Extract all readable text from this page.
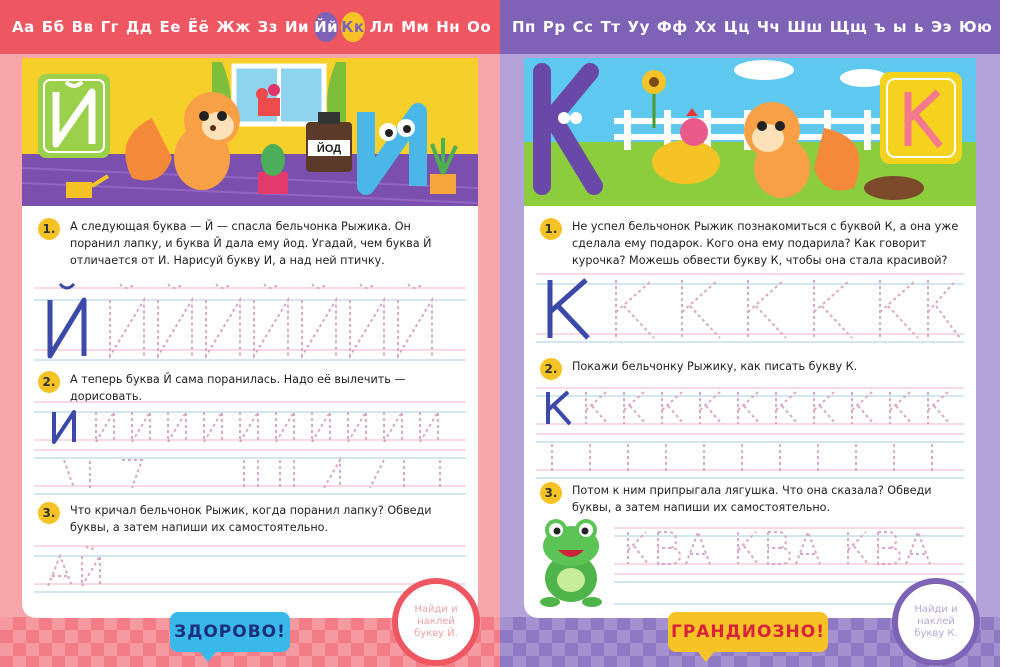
Аа Бб Вв Гг Дд Ее Ёё Жж Зз Ии Йй Кк Лл Мм Нн Оо
ЙОД
1.	А следующая буква — Й — спасла бельчонка Рыжика. Он поранил лапку, и буква Й дала ему йод. Угадай, чем буква Й отличается от И. Нарисуй букву И, а над ней птичку.
2.	А теперь буква Й сама поранилась. Надо её вылечить — дорисовать.
3.	Что кричал бельчонок Рыжик, когда поранил лапку? Обведи буквы, а затем напиши их самостоятельно.
ЗДОРОВО!
Найди и наклей букву Й.
Пп Рр Сс Тт Уу Фф Хх Цц Чч Шш Щщ ъ ы ь Ээ Юю Яя
1.	Не успел бельчонок Рыжик познакомиться с буквой К, а она уже сделала ему подарок. Кого она ему подарила? Как говорит курочка? Можешь обвести букву К, чтобы она стала красивой?
2.	Покажи бельчонку Рыжику, как писать букву К.
3.	Потом к ним припрыгала лягушка. Что она сказала? Обведи буквы, а затем напиши их самостоятельно.
ГРАНДИОЗНО!
Найди и наклей букву К.
